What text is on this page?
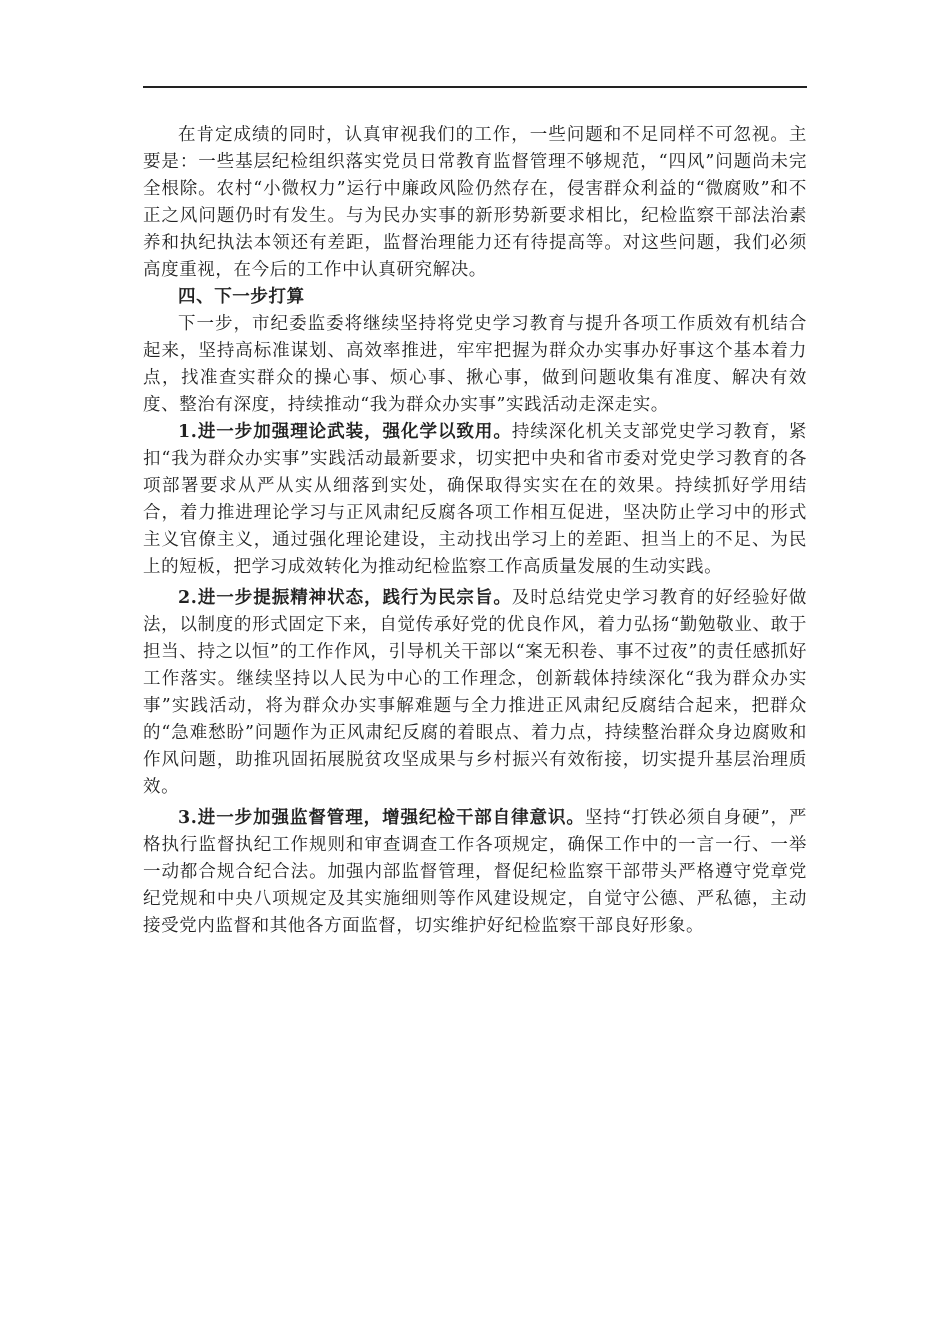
在肯定成绩的同时，认真审视我们的工作，一些问题和不足同样不可忽视。主要是：一些基层纪检组织落实党员日常教育监督管理不够规范，“四风”问题尚未完全根除。农村“小微权力”运行中廉政风险仍然存在，侵害群众利益的“微腐败”和不正之风问题仍时有发生。与为民办实事的新形势新要求相比，纪检监察干部法治素养和执纪执法本领还有差距，监督治理能力还有待提高等。对这些问题，我们必须高度重视，在今后的工作中认真研究解决。

四、下一步打算

下一步，市纪委监委将继续坚持将党史学习教育与提升各项工作质效有机结合起来，坚持高标准谋划、高效率推进，牢牢把握为群众办实事办好事这个基本着力点，找准查实群众的操心事、烦心事、揪心事，做到问题收集有准度、解决有效度、整治有深度，持续推动“我为群众办实事”实践活动走深走实。

1.进一步加强理论武装，强化学以致用。持续深化机关支部党史学习教育，紧扣“我为群众办实事”实践活动最新要求，切实把中央和省市委对党史学习教育的各项部署要求从严从实从细落到实处，确保取得实实在在的效果。持续抓好学用结合，着力推进理论学习与正风肃纪反腐各项工作相互促进，坚决防止学习中的形式主义官僚主义，通过强化理论建设，主动找出学习上的差距、担当上的不足、为民上的短板，把学习成效转化为推动纪检监察工作高质量发展的生动实践。

2.进一步提振精神状态，践行为民宗旨。及时总结党史学习教育的好经验好做法，以制度的形式固定下来，自觉传承好党的优良作风，着力弘扬“勤勉敬业、敢于担当、持之以恒”的工作作风，引导机关干部以“案无积卷、事不过夜”的责任感抓好工作落实。继续坚持以人民为中心的工作理念，创新载体持续深化“我为群众办实事”实践活动，将为群众办实事解难题与全力推进正风肃纪反腐结合起来，把群众的“急难愁盼”问题作为正风肃纪反腐的着眼点、着力点，持续整治群众身边腐败和作风问题，助推巩固拓展脱贫攻坚成果与乡村振兴有效衔接，切实提升基层治理质效。

3.进一步加强监督管理，增强纪检干部自律意识。坚持“打铁必须自身硬”，严格执行监督执纪工作规则和审查调查工作各项规定，确保工作中的一言一行、一举一动都合规合纪合法。加强内部监督管理，督促纪检监察干部带头严格遵守党章党纪党规和中央八项规定及其实施细则等作风建设规定，自觉守公德、严私德，主动接受党内监督和其他各方面监督，切实维护好纪检监察干部良好形象。
